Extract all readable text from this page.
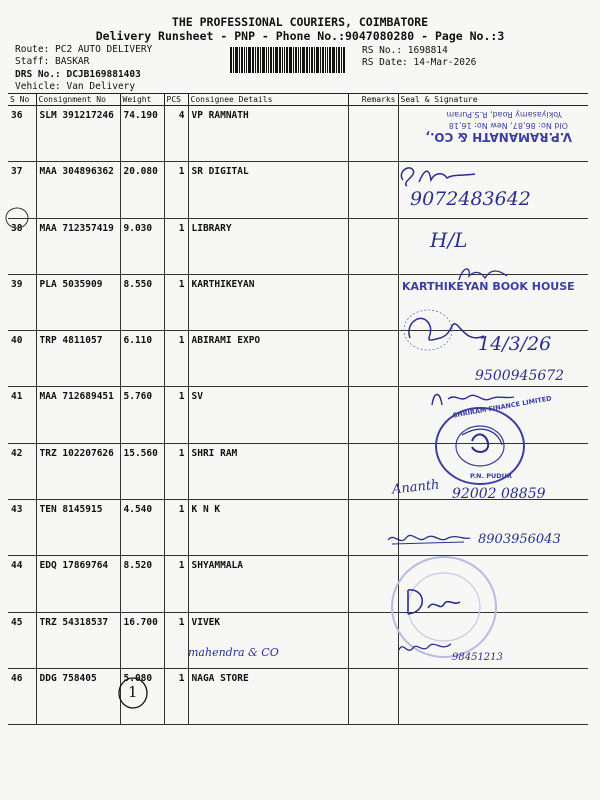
THE PROFESSIONAL COURIERS, COIMBATORE
Delivery Runsheet - PNP - Phone No.:9047080280 - Page No.:3
Route: PC2 AUTO DELIVERY
Staff: BASKAR
DRS No.: DCJB169881403
Vehicle: Van Delivery
RS No.: 1698814
RS Date: 14-Mar-2026
S No	Consignment No	Weight	PCS	Consignee Details	Remarks	Seal & Signature
36	SLM 391217246	74.190	4	VP RAMNATH		
37	MAA 304896362	20.080	1	SR DIGITAL		
38	MAA 712357419	9.030	1	LIBRARY		
39	PLA 5035909	8.550	1	KARTHIKEYAN		
40	TRP 4811057	6.110	1	ABIRAMI EXPO		
41	MAA 712689451	5.760	1	SV		
42	TRZ 102207626	15.560	1	SHRI RAM		
43	TEN 8145915	4.540	1	K N K		
44	EDQ 17869764	8.520	1	SHYAMMALA		
45	TRZ 54318537	16.700	1	VIVEK		
46	DDG 758405	5.080	1	NAGA STORE		
V.P.RAMANATH & CO.,
Old No: 86,87, New No: 16,18
Yokiyasamy Road, R.S.Puram
9072483642
H/L
KARTHIKEYAN BOOK HOUSE
14/3/26
9500945672
SHRIRAM FINANCE LIMITED
P.N. PUDUR
Ananth 92002 08859
8903956043
mahendra & CO	98451213
1
